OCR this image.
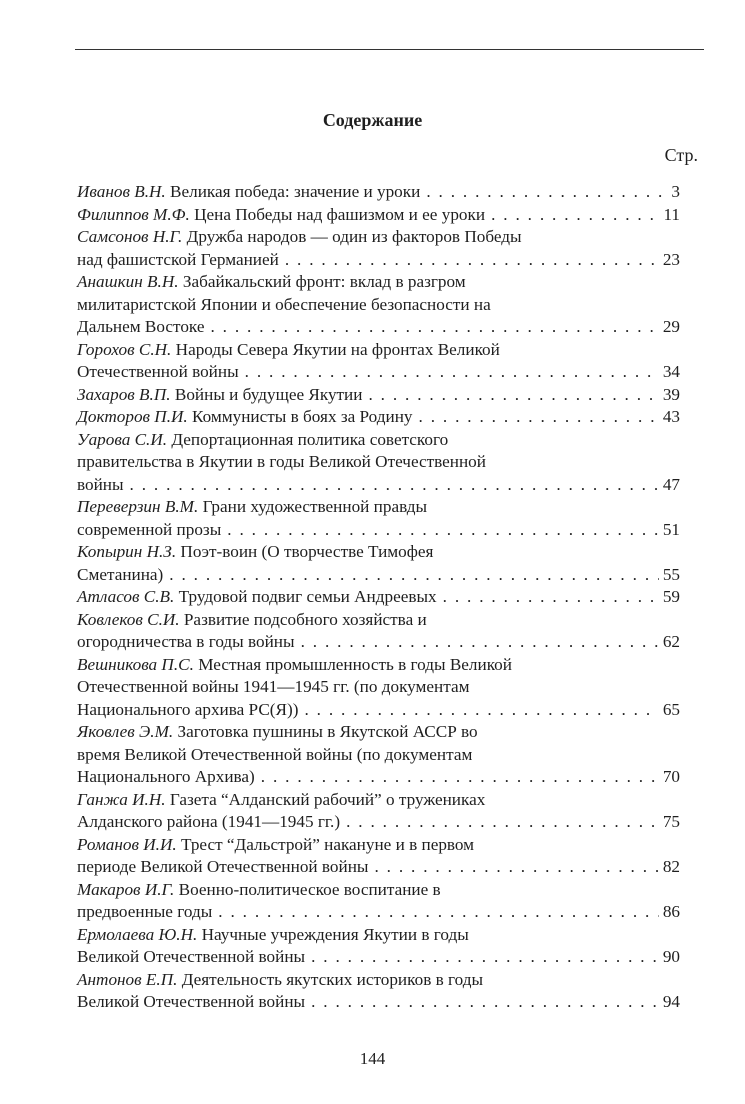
Содержание
Стр.
Иванов В.Н. Великая победа: значение и уроки . . .	3
Филиппов М.Ф. Цена Победы над фашизмом и ее уроки . . .	11
Самсонов Н.Г. Дружба народов — один из факторов Победы
над фашистской Германией . . .	23
Анашкин В.Н. Забайкальский фронт: вклад в разгром
милитаристской Японии и обеспечение безопасности на
Дальнем Востоке . . .	29
Горохов С.Н. Народы Севера Якутии на фронтах Великой
Отечественной войны . . .	34
Захаров В.П. Войны и будущее Якутии . . .	39
Докторов П.И. Коммунисты в боях за Родину . . .	43
Уарова С.И. Депортационная политика советского
правительства в Якутии в годы Великой Отечественной
войны . . .	47
Переверзин В.М. Грани художественной правды
современной прозы . . .	51
Копырин Н.З. Поэт-воин (О творчестве Тимофея
Сметанина) . . .	55
Атласов С.В. Трудовой подвиг семьи Андреевых . . .	59
Ковлеков С.И. Развитие подсобного хозяйства и
огородничества в годы войны . . .	62
Вешникова П.С. Местная промышленность в годы Великой
Отечественной войны 1941—1945 гг. (по документам
Национального архива РС(Я)) . . .	65
Яковлев Э.М. Заготовка пушнины в Якутской АССР во
время Великой Отечественной войны (по документам
Национального Архива) . . .	70
Ганжа И.Н. Газета “Алданский рабочий” о тружениках
Алданского района (1941—1945 гг.) . . .	75
Романов И.И. Трест “Дальстрой” накануне и в первом
периоде Великой Отечественной войны . . .	82
Макаров И.Г. Военно-политическое воспитание в
предвоенные годы . . .	86
Ермолаева Ю.Н. Научные учреждения Якутии в годы
Великой Отечественной войны . . .	90
Антонов Е.П. Деятельность якутских историков в годы
Великой Отечественной войны . . .	94
144
